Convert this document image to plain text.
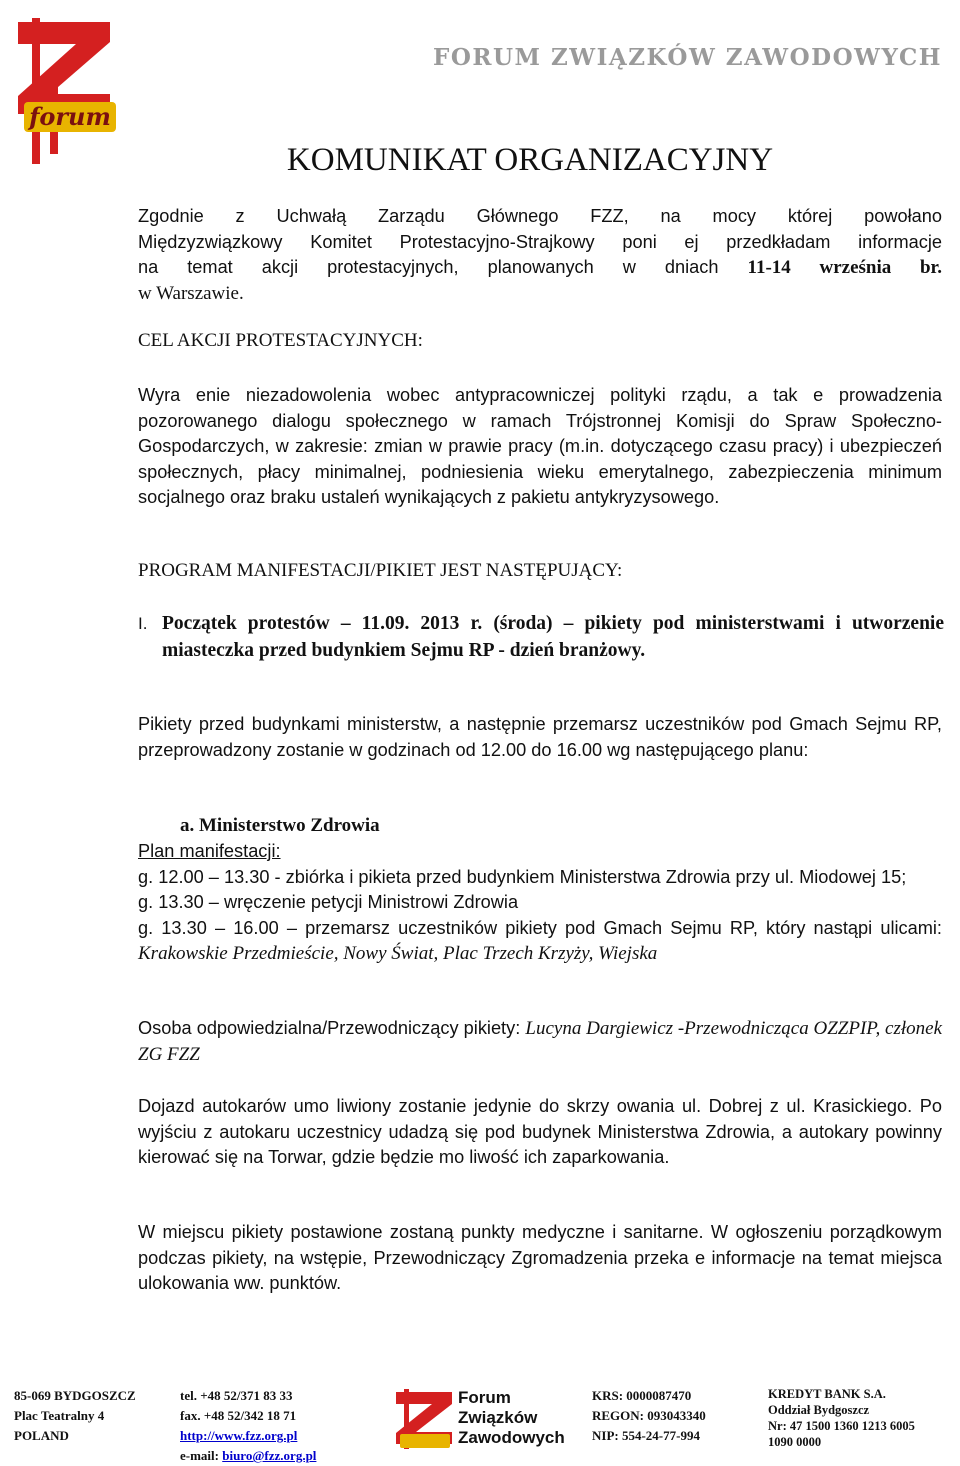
forum
FORUM ZWIĄZKÓW ZAWODOWYCH
KOMUNIKAT ORGANIZACYJNY
Zgodnie z Uchwałą Zarządu Głównego FZZ, na mocy której powołano
Międzyzwiązkowy Komitet Protestacyjno-Strajkowy poni ej przedkładam informacje
na temat akcji protestacyjnych, planowanych w dniach 11-14 września br.
w Warszawie.
CEL AKCJI PROTESTACYJNYCH:
Wyra enie niezadowolenia wobec antypracowniczej polityki rządu, a tak e prowadzenia pozorowanego dialogu społecznego w ramach Trójstronnej Komisji do Spraw Społeczno-Gospodarczych, w zakresie: zmian w prawie pracy (m.in. dotyczącego czasu pracy) i ubezpieczeń społecznych, płacy minimalnej, podniesienia wieku emerytalnego, zabezpieczenia minimum socjalnego oraz braku ustaleń wynikających z pakietu antykryzysowego.
PROGRAM MANIFESTACJI/PIKIET JEST NASTĘPUJĄCY:
I. Początek protestów – 11.09. 2013 r. (środa) – pikiety pod ministerstwami i utworzenie miasteczka przed budynkiem Sejmu RP - dzień branżowy.
Pikiety przed budynkami ministerstw, a następnie przemarsz uczestników pod Gmach Sejmu RP, przeprowadzony zostanie w godzinach od 12.00 do 16.00 wg następującego planu:
a. Ministerstwo Zdrowia
Plan manifestacji:
g. 12.00 – 13.30 - zbiórka i pikieta przed budynkiem Ministerstwa Zdrowia przy ul. Miodowej 15;
g. 13.30 – wręczenie petycji Ministrowi Zdrowia
g. 13.30 – 16.00 – przemarsz uczestników pikiety pod Gmach Sejmu RP, który nastąpi ulicami: Krakowskie Przedmieście, Nowy Świat, Plac Trzech Krzyży, Wiejska
Osoba odpowiedzialna/Przewodniczący pikiety: Lucyna Dargiewicz -Przewodnicząca OZZPIP, członek ZG FZZ
Dojazd autokarów umo liwiony zostanie jedynie do skrzy owania ul. Dobrej z ul. Krasickiego. Po wyjściu z autokaru uczestnicy udadzą się pod budynek Ministerstwa Zdrowia, a autokary powinny kierować się na Torwar, gdzie będzie mo liwość ich zaparkowania.
W miejscu pikiety postawione zostaną punkty medyczne i sanitarne. W ogłoszeniu porządkowym podczas pikiety, na wstępie, Przewodniczący Zgromadzenia przeka e informacje na temat miejsca ulokowania ww. punktów.
85-069 BYDGOSZCZ
Plac Teatralny 4
POLAND
tel. +48 52/371 83 33
fax. +48 52/342 18 71
http://www.fzz.org.pl
e-mail: biuro@fzz.org.pl
Forum
Związków
Zawodowych
KRS: 0000087470
REGON: 093043340
NIP: 554-24-77-994
KREDYT BANK S.A.
Oddział Bydgoszcz
Nr: 47 1500 1360 1213 6005
1090 0000
